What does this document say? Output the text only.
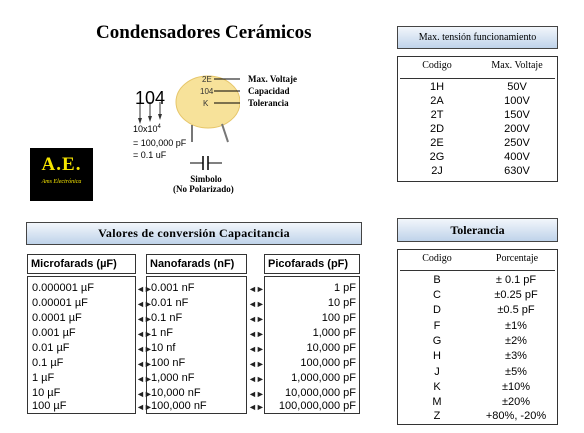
Condensadores Cerámicos
104
$10x10^4$
= 100,000 pF
= 0.1 uF
2E
104
K
Max. Voltaje
Capacidad
Tolerancia
Simbolo
(No Polarizado)
A.E.
Ams Electrónica
Max. tensión funcionamiento
Codigo	Max. Voltaje
1H	50V
2A	100V
2T	150V
2D	200V
2E	250V
2G	400V
2J	630V
Valores de conversión Capacitancia
Microfarads (µF)	Nanofarads (nF)	Picofarads (pF)
0.000001 µF	◄► 0.001 nF	◄►	1 pF
0.00001 µF	◄► 0.01 nF	◄►	10 pF
0.0001 µF	◄► 0.1 nF	◄►	100 pF
0.001 µF	◄► 1 nF	◄►	1,000 pF
0.01 µF	◄► 10 nf	◄►	10,000 pF
0.1 µF	◄► 100 nF	◄►	100,000 pF
1 µF	◄► 1,000 nF	◄►	1,000,000 pF
10 µF	◄► 10,000 nF	◄►	10,000,000 pF
100 µF	◄► 100,000 nF	◄►	100,000,000 pF
Tolerancia
Codigo	Porcentaje
B	± 0.1 pF
C	±0.25 pF
D	±0.5 pF
F	±1%
G	±2%
H	±3%
J	±5%
K	±10%
M	±20%
Z	+80%, -20%
